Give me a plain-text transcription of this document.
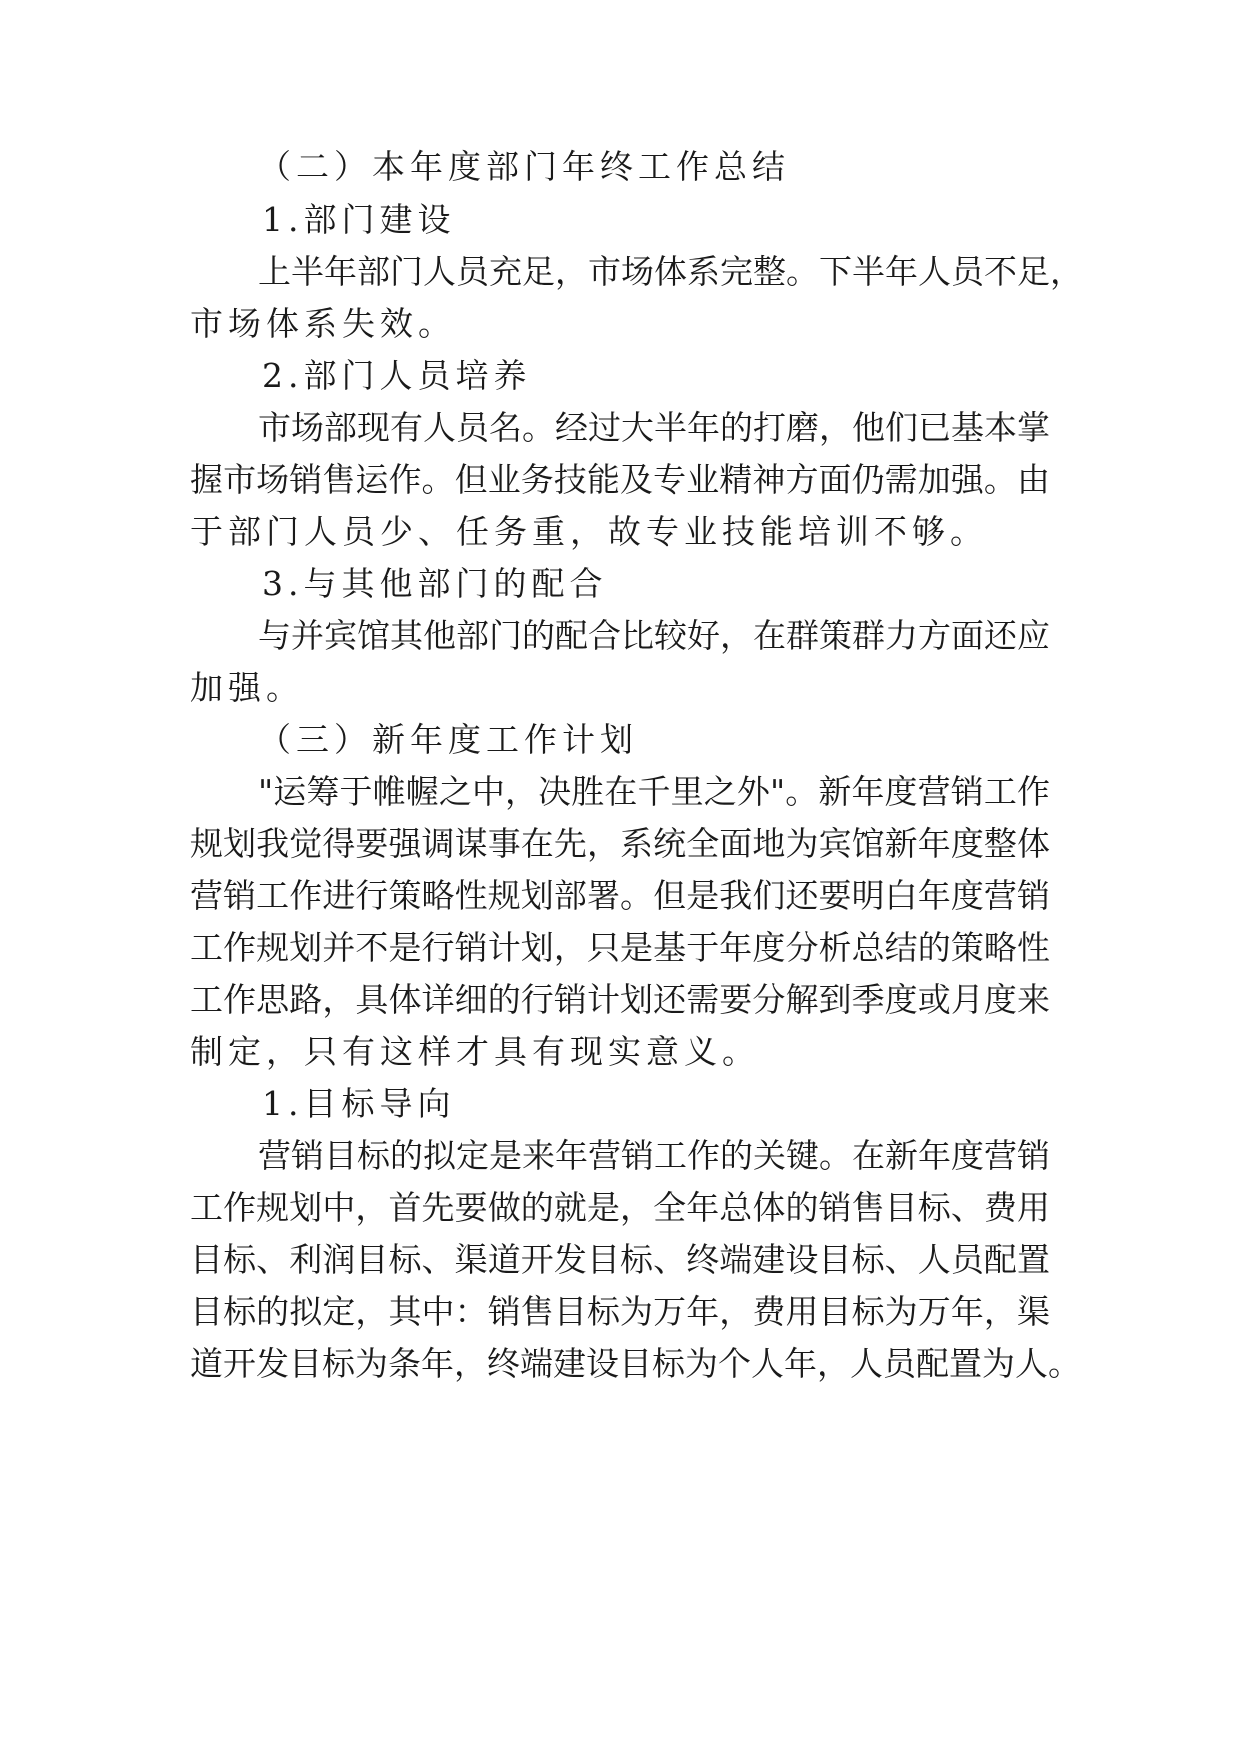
（二）本年度部门年终工作总结
1.部门建设
上半年部门人员充足，市场体系完整。下半年人员不足，
市场体系失效。
2.部门人员培养
市场部现有人员名。经过大半年的打磨，他们已基本掌
握市场销售运作。但业务技能及专业精神方面仍需加强。由
于部门人员少、任务重，故专业技能培训不够。
3.与其他部门的配合
与并宾馆其他部门的配合比较好，在群策群力方面还应
加强。
（三）新年度工作计划
"运筹于帷幄之中，决胜在千里之外"。新年度营销工作
规划我觉得要强调谋事在先，系统全面地为宾馆新年度整体
营销工作进行策略性规划部署。但是我们还要明白年度营销
工作规划并不是行销计划，只是基于年度分析总结的策略性
工作思路，具体详细的行销计划还需要分解到季度或月度来
制定，只有这样才具有现实意义。
1.目标导向
营销目标的拟定是来年营销工作的关键。在新年度营销
工作规划中，首先要做的就是，全年总体的销售目标、费用
目标、利润目标、渠道开发目标、终端建设目标、人员配置
目标的拟定，其中：销售目标为万年，费用目标为万年，渠
道开发目标为条年，终端建设目标为个人年，人员配置为人。
